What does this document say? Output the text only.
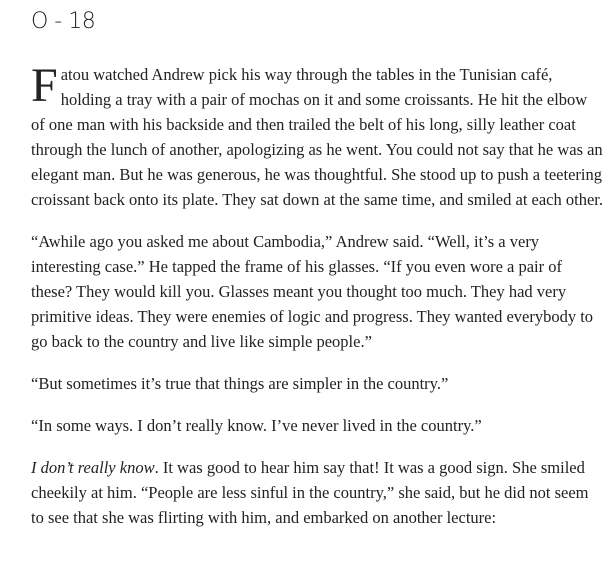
O - 18

Fatou watched Andrew pick his way through the tables in the Tunisian café, holding a tray with a pair of mochas on it and some croissants. He hit the elbow of one man with his backside and then trailed the belt of his long, silly leather coat through the lunch of another, apologizing as he went. You could not say that he was an elegant man. But he was generous, he was thoughtful. She stood up to push a teetering croissant back onto its plate. They sat down at the same time, and smiled at each other.

“Awhile ago you asked me about Cambodia,” Andrew said. “Well, it’s a very interesting case.” He tapped the frame of his glasses. “If you even wore a pair of these? They would kill you. Glasses meant you thought too much. They had very primitive ideas. They were enemies of logic and progress. They wanted everybody to go back to the country and live like simple people.”

“But sometimes it’s true that things are simpler in the country.”

“In some ways. I don’t really know. I’ve never lived in the country.”

I don’t really know. It was good to hear him say that! It was a good sign. She smiled cheekily at him. “People are less sinful in the country,” she said, but he did not seem to see that she was flirting with him, and embarked on another lecture:
